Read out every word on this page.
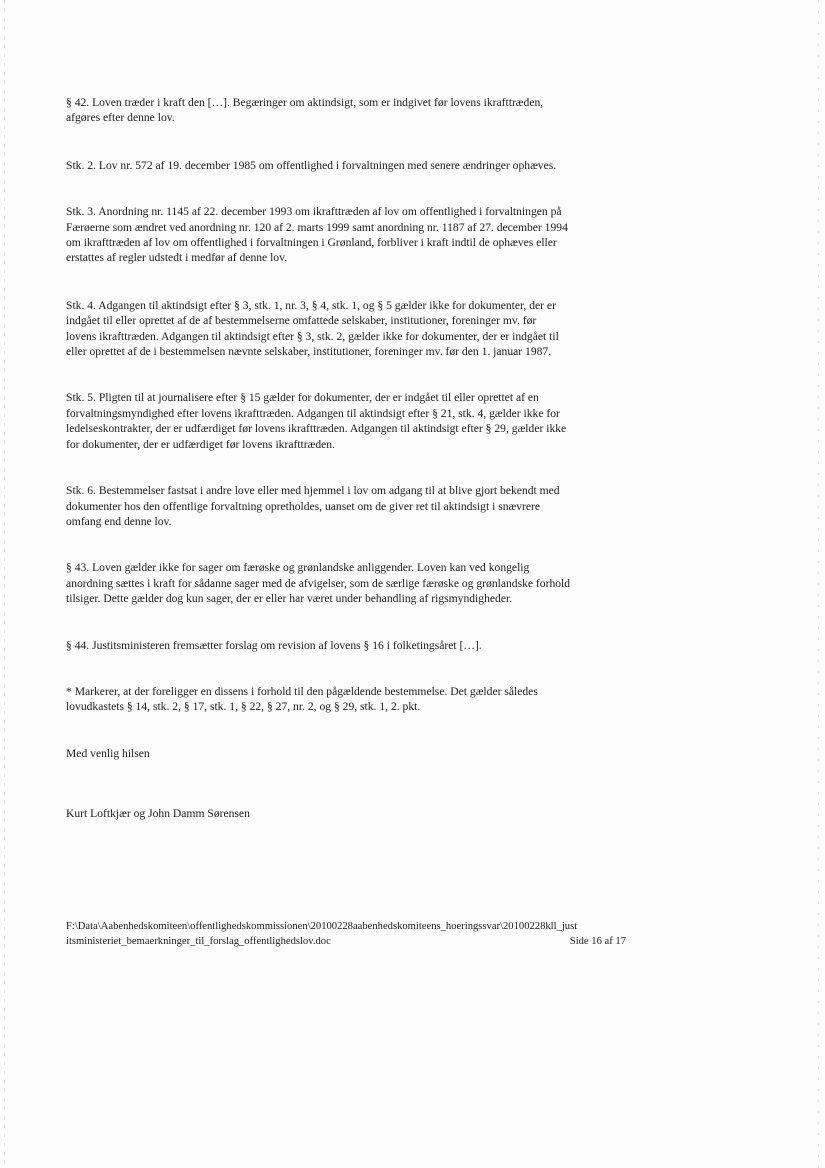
§ 42. Loven træder i kraft den […]. Begæringer om aktindsigt, som er indgivet før lovens ikrafttræden,
afgøres efter denne lov.

Stk. 2. Lov nr. 572 af 19. december 1985 om offentlighed i forvaltningen med senere ændringer ophæves.

Stk. 3. Anordning nr. 1145 af 22. december 1993 om ikrafttræden af lov om offentlighed i forvaltningen på
Færøerne som ændret ved anordning nr. 120 af 2. marts 1999 samt anordning nr. 1187 af 27. december 1994
om ikrafttræden af lov om offentlighed i forvaltningen i Grønland, forbliver i kraft indtil de ophæves eller
erstattes af regler udstedt i medfør af denne lov.

Stk. 4. Adgangen til aktindsigt efter § 3, stk. 1, nr. 3, § 4, stk. 1, og § 5 gælder ikke for dokumenter, der er
indgået til eller oprettet af de af bestemmelserne omfattede selskaber, institutioner, foreninger mv. før
lovens ikrafttræden. Adgangen til aktindsigt efter § 3, stk. 2, gælder ikke for dokumenter, der er indgået til
eller oprettet af de i bestemmelsen nævnte selskaber, institutioner, foreninger mv. før den 1. januar 1987.

Stk. 5. Pligten til at journalisere efter § 15 gælder for dokumenter, der er indgået til eller oprettet af en
forvaltningsmyndighed efter lovens ikrafttræden. Adgangen til aktindsigt efter § 21, stk. 4, gælder ikke for
ledelseskontrakter, der er udfærdiget før lovens ikrafttræden. Adgangen til aktindsigt efter § 29, gælder ikke
for dokumenter, der er udfærdiget før lovens ikrafttræden.

Stk. 6. Bestemmelser fastsat i andre love eller med hjemmel i lov om adgang til at blive gjort bekendt med
dokumenter hos den offentlige forvaltning opretholdes, uanset om de giver ret til aktindsigt i snævrere
omfang end denne lov.

§ 43. Loven gælder ikke for sager om færøske og grønlandske anliggender. Loven kan ved kongelig
anordning sættes i kraft for sådanne sager med de afvigelser, som de særlige færøske og grønlandske forhold
tilsiger. Dette gælder dog kun sager, der er eller har været under behandling af rigsmyndigheder.

§ 44. Justitsministeren fremsætter forslag om revision af lovens § 16 i folketingsåret […].

* Markerer, at der foreligger en dissens i forhold til den pågældende bestemmelse. Det gælder således
lovudkastets § 14, stk. 2, § 17, stk. 1, § 22, § 27, nr. 2, og § 29, stk. 1, 2. pkt.

Med venlig hilsen

Kurt Loftkjær og John Damm Sørensen

F:\Data\Aabenhedskomiteen\offentlighedskommissionen\20100228aabenhedskomiteens_hoeringssvar\20100228kll_just

itsministeriet_bemaerkninger_til_forslag_offentlighedslov.doc	Side 16 af 17
